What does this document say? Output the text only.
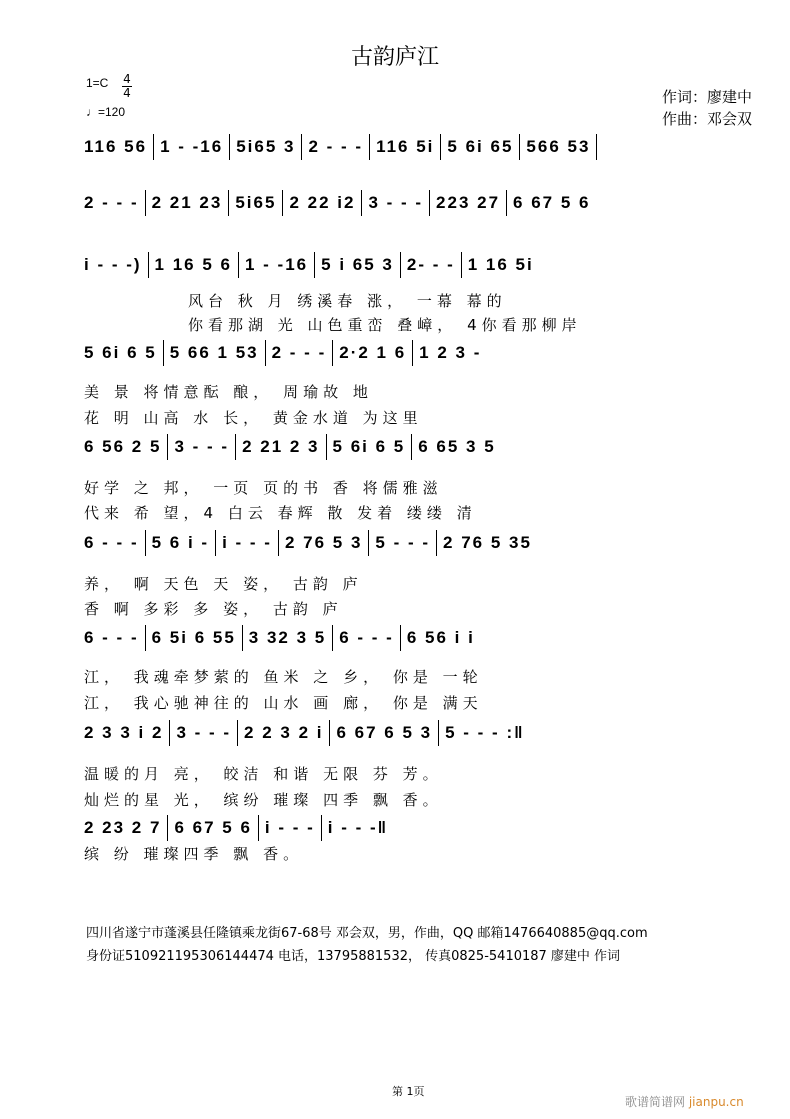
古韵庐江
1=C 4
4
♩=120
作词：廖建中
作曲：邓会双
116 56 1 - -16 5i65 3 2 - - - 116 5i 5 6i 65 566 53
2 - - - 2 21 23 5i65 2 22 i2 3 - - - 223 27 6 67 5 6
i - - -) 1 16 5 6 1 - -16 5 i 65 3 2- - - 1 16 5i
5 6i 6 5 5 66 1 53 2 - - - 2·2 1 6 1 2 3 -
6 56 2 5 3 - - - 2 21 2 3 5 6i 6 5 6 65 3 5
6 - - - 5 6 i - i - - - 2 76 5 3 5 - - - 2 76 5 35
6 - - - 6 5i 6 55 3 32 3 5 6 - - - 6 56 i i
2 3 3 i 2 3 - - - 2 2 3 2 i 6 67 6 5 3 5 - - - :‖
2 23 2 7 6 67 5 6 i - - - i - - -‖
风台 秋 月 绣溪春 涨， 一幕 幕的
你看那湖 光 山色重峦 叠嶂， 4你看那柳岸
美 景 将情意酝 酿， 周瑜故 地
花 明 山高 水 长， 黄金水道 为这里
好学 之 邦， 一页 页的书 香 将儒雅滋
代来 希 望，4 白云 春辉 散 发着 缕缕 清
养， 啊 天色 天 姿， 古韵 庐
香 啊 多彩 多 姿， 古韵 庐
江， 我魂牵梦萦的 鱼米 之 乡， 你是 一轮
江， 我心驰神往的 山水 画 廊， 你是 满天
温暖的月 亮， 皎洁 和谐 无限 芬 芳。
灿烂的星 光， 缤纷 璀璨 四季 飘 香。
缤 纷 璀璨四季 飘 香。
四川省遂宁市蓬溪县任隆镇乘龙街67-68号 邓会双，男，作曲，QQ 邮箱1476640885@qq.com
身份证510921195306144474 电话，13795881532， 传真0825-5410187 廖建中 作词
第 1页
歌谱简谱网 jianpu.cn
